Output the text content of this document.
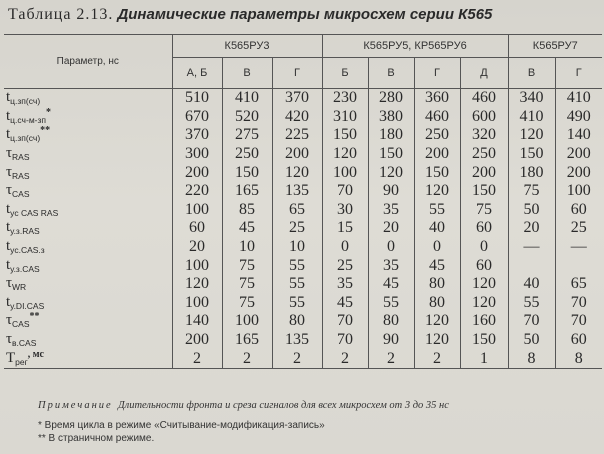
Таблица 2.13. Динамические параметры микросхем серии К565
Параметр, нс	К565РУ3			К565РУ5, КР565РУ6				К565РУ7	
	А, Б	В	Г	Б	В	Г	Д	В	Г
$t_{ц.зп(сч)}$	510	410	370	230	280	360	460	340	410
$t_{ц.сч-м-зп}^*$	670	520	420	310	380	460	600	410	490
$t_{ц.зп(сч)}^{**}$	370	275	225	150	180	250	320	120	140
$\tau_{RAS}$	300	250	200	120	150	200	250	150	200
$\tau_{RAS}$	200	150	120	100	120	150	200	180	200
$\tau_{CAS}$	220	165	135	70	90	120	150	75	100
$t_{ус CAS RAS}$	100	85	65	30	35	55	75	50	60
$t_{у.з.RAS}$	60	45	25	15	20	40	60	20	25
$t_{ус.CAS.з}$	20	10	10	0	0	0	0	—	—
$t_{у.з.CAS}$	100	75	55	25	35	45	60		
$\tau_{WR}$	120	75	55	35	45	80	120	40	65
$t_{у.DI.CAS}$	100	75	55	45	55	80	120	55	70
$\tau_{CAS}^{**}$	140	100	80	70	80	120	160	70	70
$\tau_{в.CAS}$	200	165	135	70	90	120	150	50	60
$T_{рег}^{, мс}$	2	2	2	2	2	2	1	8	8
Примечание Длительности фронта и среза сигналов для всех микросхем от 3 до 35 нс
* Время цикла в режиме «Считывание-модификация-запись»
** В страничном режиме.
